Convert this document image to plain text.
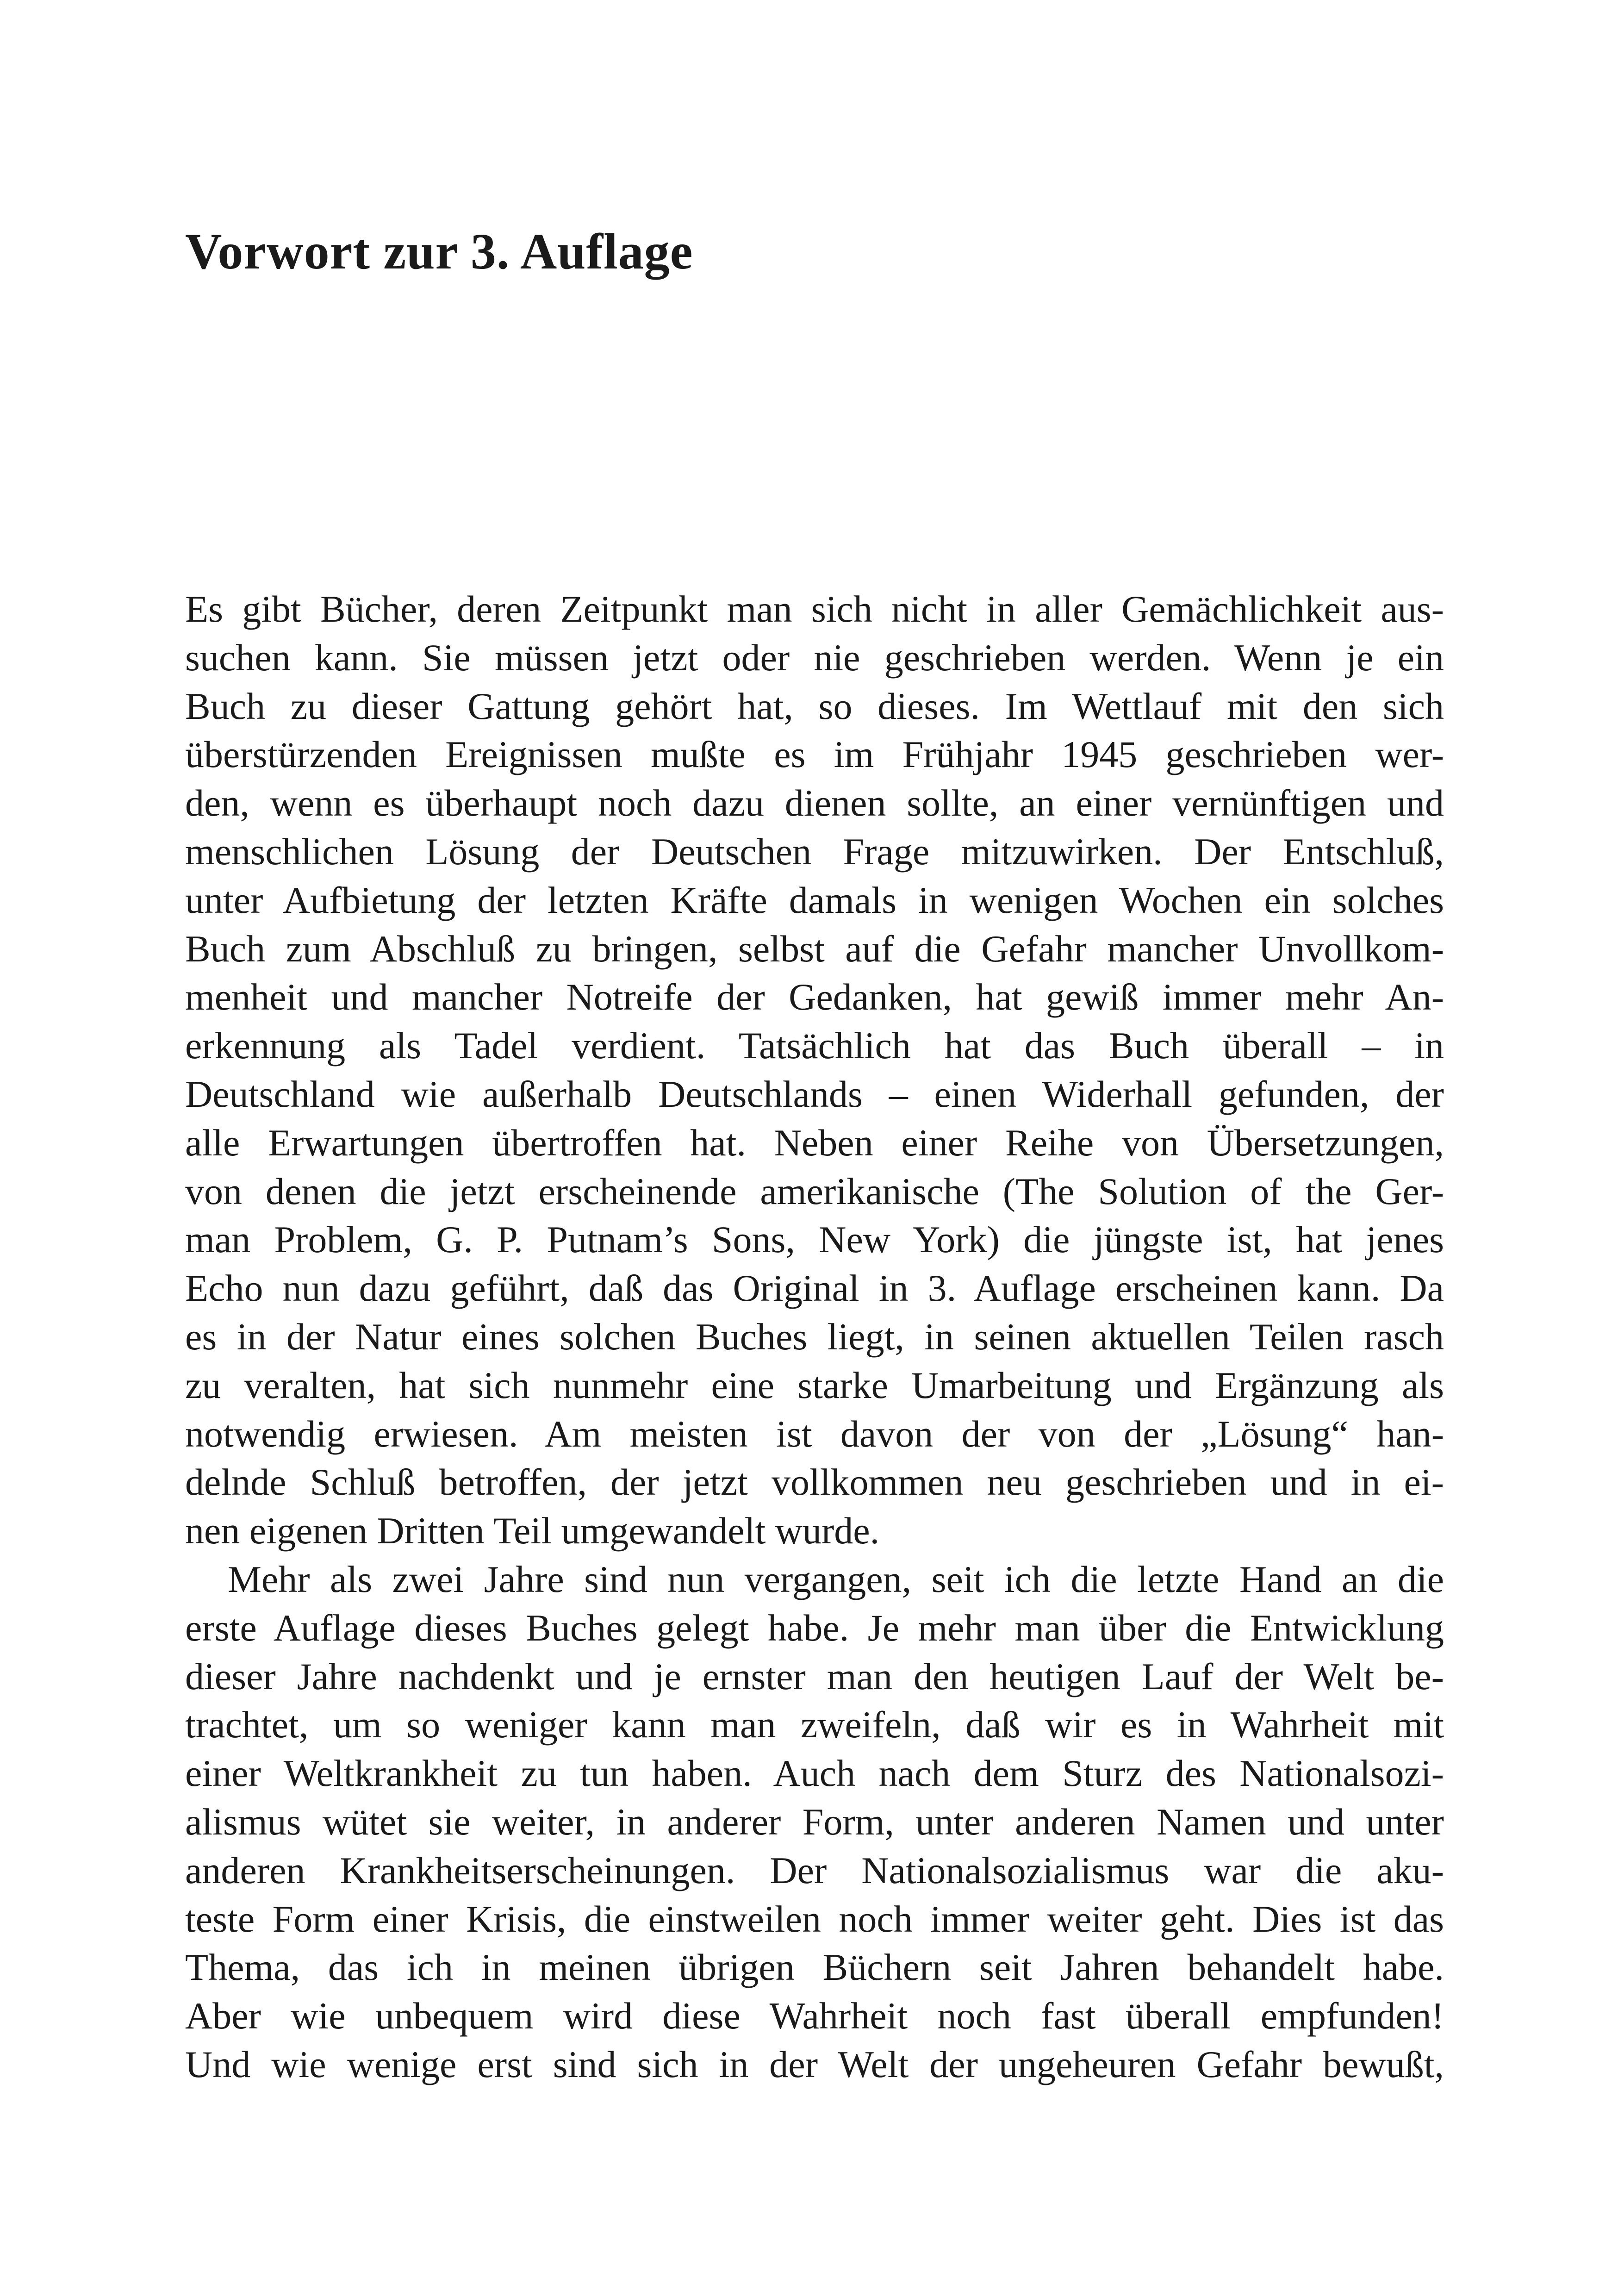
Vorwort zur 3. Auflage
Es gibt Bücher, deren Zeitpunkt man sich nicht in aller Gemächlichkeit aus-
suchen kann. Sie müssen jetzt oder nie geschrieben werden. Wenn je ein
Buch zu dieser Gattung gehört hat, so dieses. Im Wettlauf mit den sich
überstürzenden Ereignissen mußte es im Frühjahr 1945 geschrieben wer-
den, wenn es überhaupt noch dazu dienen sollte, an einer vernünftigen und
menschlichen Lösung der Deutschen Frage mitzuwirken. Der Entschluß,
unter Aufbietung der letzten Kräfte damals in wenigen Wochen ein solches
Buch zum Abschluß zu bringen, selbst auf die Gefahr mancher Unvollkom-
menheit und mancher Notreife der Gedanken, hat gewiß immer mehr An-
erkennung als Tadel verdient. Tatsächlich hat das Buch überall – in
Deutschland wie außerhalb Deutschlands – einen Widerhall gefunden, der
alle Erwartungen übertroffen hat. Neben einer Reihe von Übersetzungen,
von denen die jetzt erscheinende amerikanische (The Solution of the Ger-
man Problem, G. P. Putnam’s Sons, New York) die jüngste ist, hat jenes
Echo nun dazu geführt, daß das Original in 3. Auflage erscheinen kann. Da
es in der Natur eines solchen Buches liegt, in seinen aktuellen Teilen rasch
zu veralten, hat sich nunmehr eine starke Umarbeitung und Ergänzung als
notwendig erwiesen. Am meisten ist davon der von der „Lösung“ han-
delnde Schluß betroffen, der jetzt vollkommen neu geschrieben und in ei-
nen eigenen Dritten Teil umgewandelt wurde.
Mehr als zwei Jahre sind nun vergangen, seit ich die letzte Hand an die
erste Auflage dieses Buches gelegt habe. Je mehr man über die Entwicklung
dieser Jahre nachdenkt und je ernster man den heutigen Lauf der Welt be-
trachtet, um so weniger kann man zweifeln, daß wir es in Wahrheit mit
einer Weltkrankheit zu tun haben. Auch nach dem Sturz des Nationalsozi-
alismus wütet sie weiter, in anderer Form, unter anderen Namen und unter
anderen Krankheitserscheinungen. Der Nationalsozialismus war die aku-
teste Form einer Krisis, die einstweilen noch immer weiter geht. Dies ist das
Thema, das ich in meinen übrigen Büchern seit Jahren behandelt habe.
Aber wie unbequem wird diese Wahrheit noch fast überall empfunden!
Und wie wenige erst sind sich in der Welt der ungeheuren Gefahr bewußt,
